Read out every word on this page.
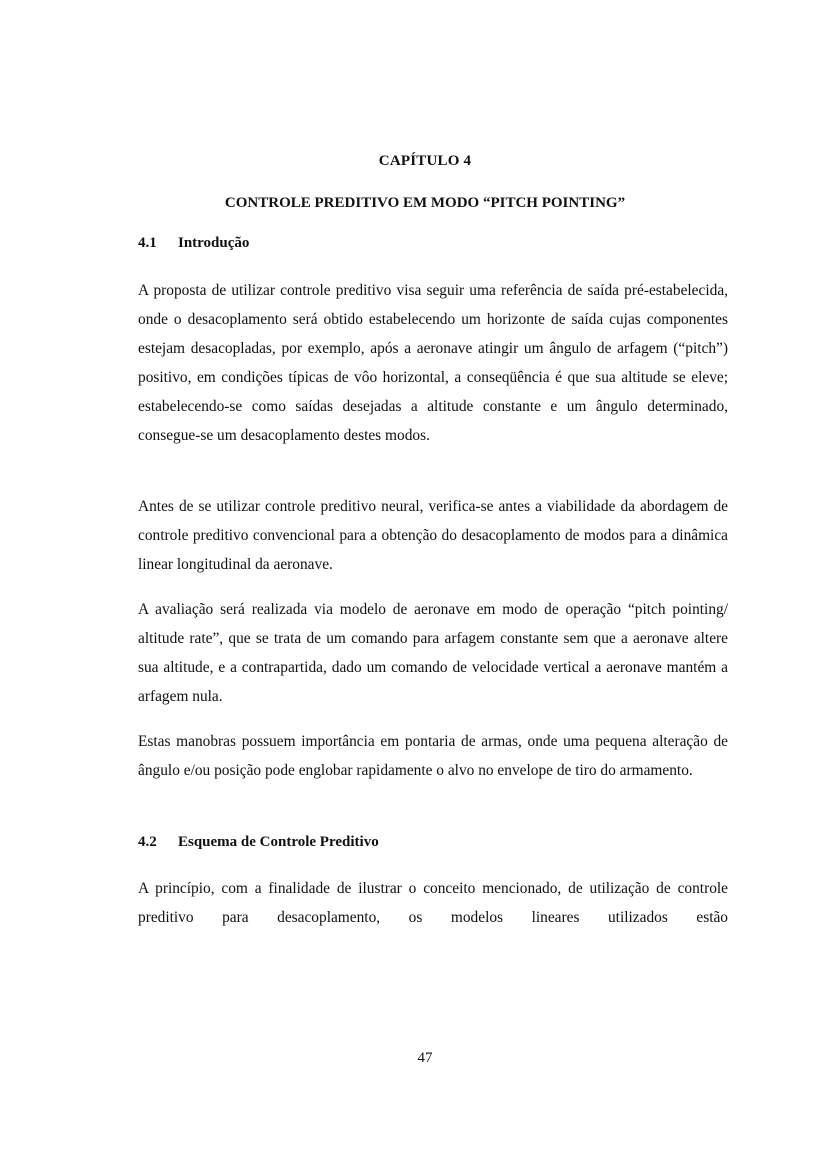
CAPÍTULO 4
CONTROLE PREDITIVO EM MODO “PITCH POINTING”
4.1 Introdução

A proposta de utilizar controle preditivo visa seguir uma referência de saída pré-estabelecida, onde o desacoplamento será obtido estabelecendo um horizonte de saída cujas componentes estejam desacopladas, por exemplo, após a aeronave atingir um ângulo de arfagem (“pitch”) positivo, em condições típicas de vôo horizontal, a conseqüência é que sua altitude se eleve; estabelecendo-se como saídas desejadas a altitude constante e um ângulo determinado, consegue-se um desacoplamento destes modos.

Antes de se utilizar controle preditivo neural, verifica-se antes a viabilidade da abordagem de controle preditivo convencional para a obtenção do desacoplamento de modos para a dinâmica linear longitudinal da aeronave.

A avaliação será realizada via modelo de aeronave em modo de operação “pitch pointing/ altitude rate”, que se trata de um comando para arfagem constante sem que a aeronave altere sua altitude, e a contrapartida, dado um comando de velocidade vertical a aeronave mantém a arfagem nula.

Estas manobras possuem importância em pontaria de armas, onde uma pequena alteração de ângulo e/ou posição pode englobar rapidamente o alvo no envelope de tiro do armamento.

4.2 Esquema de Controle Preditivo

A princípio, com a finalidade de ilustrar o conceito mencionado, de utilização de controle preditivo para desacoplamento, os modelos lineares utilizados estão

47
